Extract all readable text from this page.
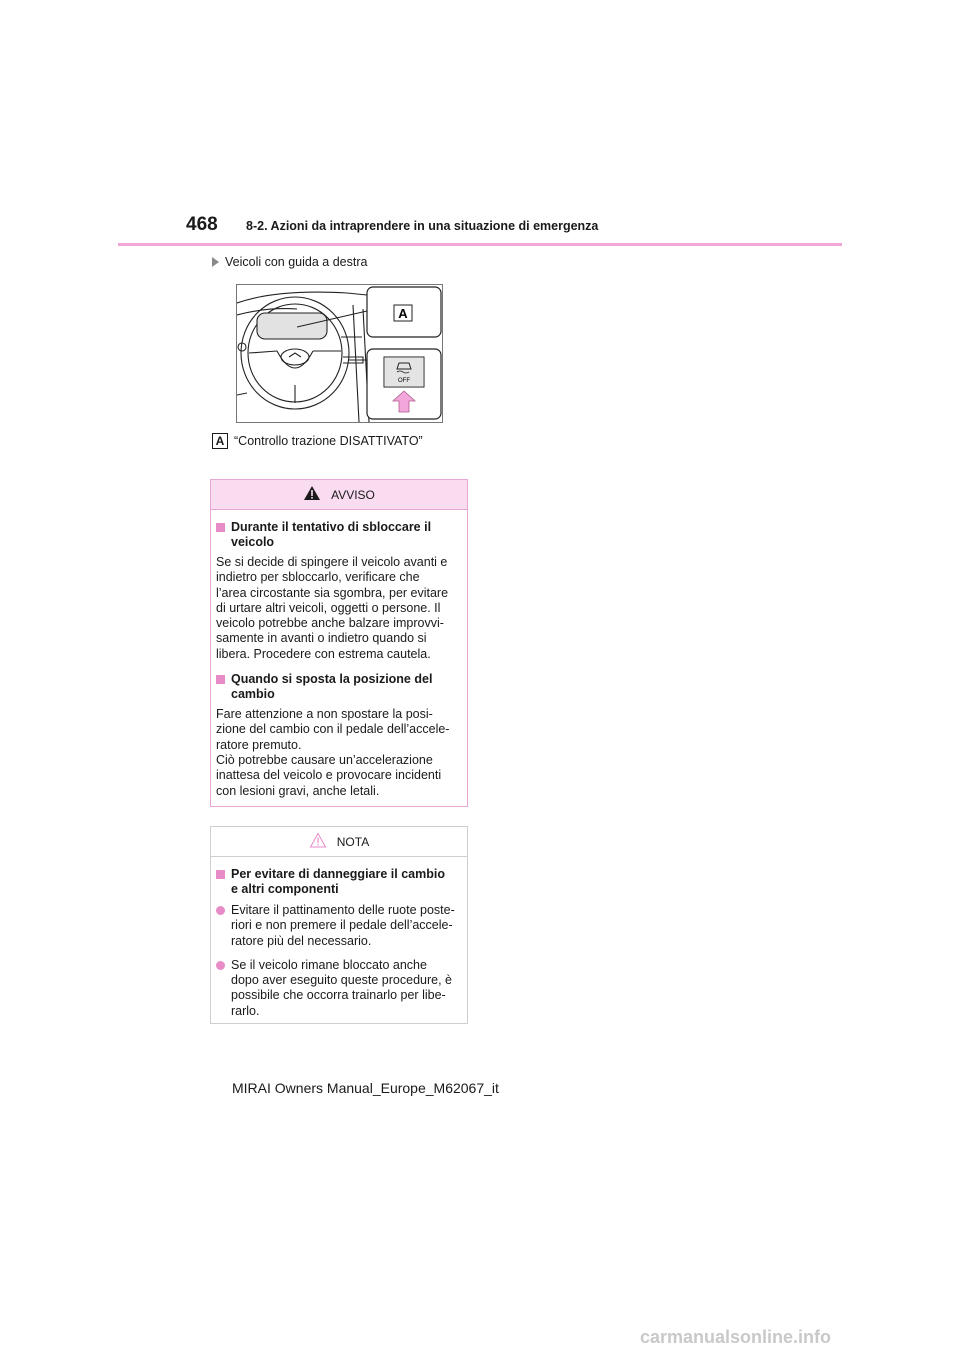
468 8-2. Azioni da intraprendere in una situazione di emergenza
Veicoli con guida a destra
A
OFF
A “Controllo trazione DISATTIVATO”
AVVISO
Durante il tentativo di sbloccare il
veicolo
Se si decide di spingere il veicolo avanti e
indietro per sbloccarlo, verificare che
l’area circostante sia sgombra, per evitare
di urtare altri veicoli, oggetti o persone. Il
veicolo potrebbe anche balzare improvvi-
samente in avanti o indietro quando si
libera. Procedere con estrema cautela.
Quando si sposta la posizione del
cambio
Fare attenzione a non spostare la posi-
zione del cambio con il pedale dell’accele-
ratore premuto.
Ciò potrebbe causare un’accelerazione
inattesa del veicolo e provocare incidenti
con lesioni gravi, anche letali.
NOTA
Per evitare di danneggiare il cambio
e altri componenti
Evitare il pattinamento delle ruote poste-
riori e non premere il pedale dell’accele-
ratore più del necessario.
Se il veicolo rimane bloccato anche
dopo aver eseguito queste procedure, è
possibile che occorra trainarlo per libe-
rarlo.
MIRAI Owners Manual_Europe_M62067_it
carmanualsonline.info
